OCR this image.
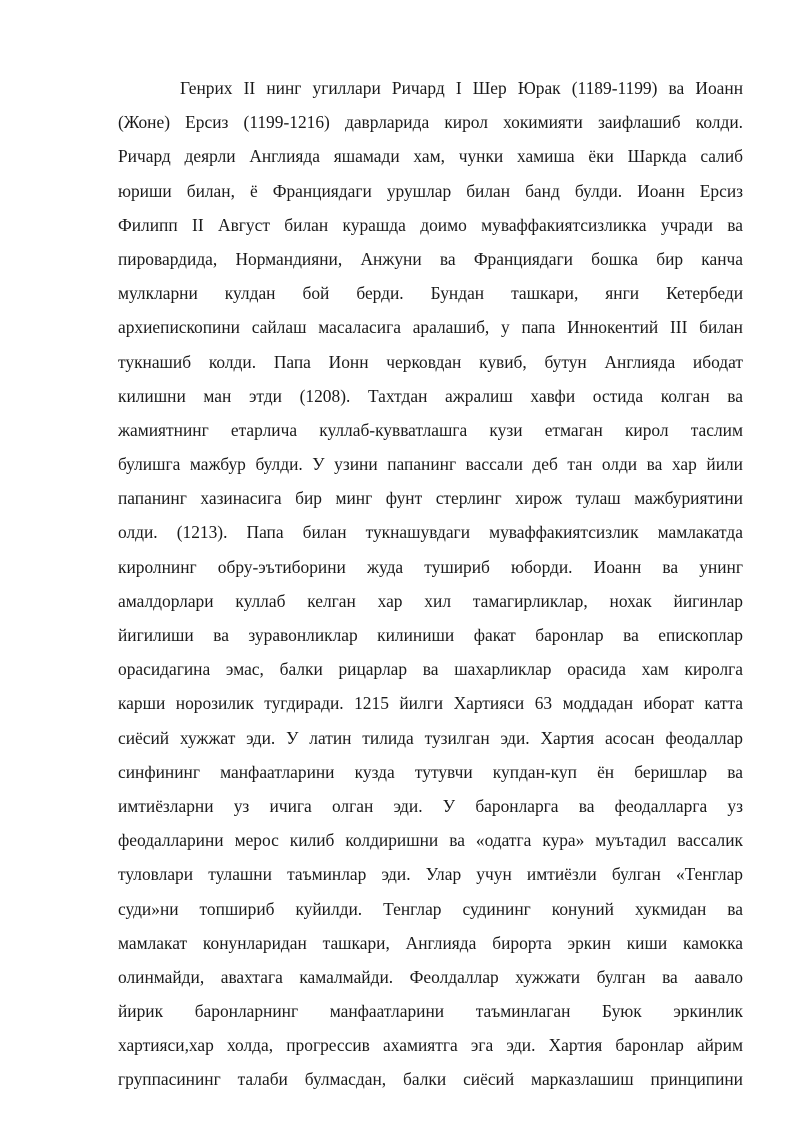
Генрих II нинг угиллари Ричард I Шер Юрак (1189-1199) ва Иоанн
(Жоне) Ерсиз (1199-1216) даврларида кирол хокимияти заифлашиб колди.
Ричард деярли Англияда яшамади хам, чунки хамиша ёки Шаркда салиб
юриши билан, ё Франциядаги урушлар билан банд булди. Иоанн Ерсиз
Филипп II Август билан курашда доимо муваффакиятсизликка учради ва
пировардида, Нормандияни, Анжуни ва Франциядаги бошка бир канча
мулкларни кулдан бой берди. Бундан ташкари, янги Кетербеди
архиепископини сайлаш масаласига аралашиб, у папа Иннокентий III билан
тукнашиб колди. Папа Ионн черковдан кувиб, бутун Англияда ибодат
килишни ман этди (1208). Тахтдан ажралиш хавфи остида колган ва
жамиятнинг етарлича куллаб-кувватлашга кузи етмаган кирол таслим
булишга мажбур булди. У узини папанинг вассали деб тан олди ва хар йили
папанинг хазинасига бир минг фунт стерлинг хирож тулаш мажбуриятини
олди. (1213). Папа билан тукнашувдаги муваффакиятсизлик мамлакатда
киролнинг обру-эътиборини жуда тушириб юборди. Иоанн ва унинг
амалдорлари куллаб келган хар хил тамагирликлар, нохак йигинлар
йигилиши ва зуравонликлар килиниши факат баронлар ва епископлар
орасидагина эмас, балки рицарлар ва шахарликлар орасида хам киролга
карши норозилик тугдиради. 1215 йилги Хартияси 63 моддадан иборат катта
сиёсий хужжат эди. У латин тилида тузилган эди. Хартия асосан феодаллар
синфининг манфаатларини кузда тутувчи купдан-куп ён беришлар ва
имтиёзларни уз ичига олган эди. У баронларга ва феодалларга уз
феодалларини мерос килиб колдиришни ва «одатга кура» муътадил вассалик
туловлари тулашни таъминлар эди. Улар учун имтиёзли булган «Тенглар
суди»ни топшириб куйилди. Тенглар судининг конуний хукмидан ва
мамлакат конунларидан ташкари, Англияда бирорта эркин киши камокка
олинмайди, авахтага камалмайди. Феолдаллар хужжати булган ва аавало
йирик баронларнинг манфаатларини таъминлаган Буюк эркинлик
хартияси,хар холда, прогрессив ахамиятга эга эди. Хартия баронлар айрим
группасининг талаби булмасдан, балки сиёсий марказлашиш принципини
